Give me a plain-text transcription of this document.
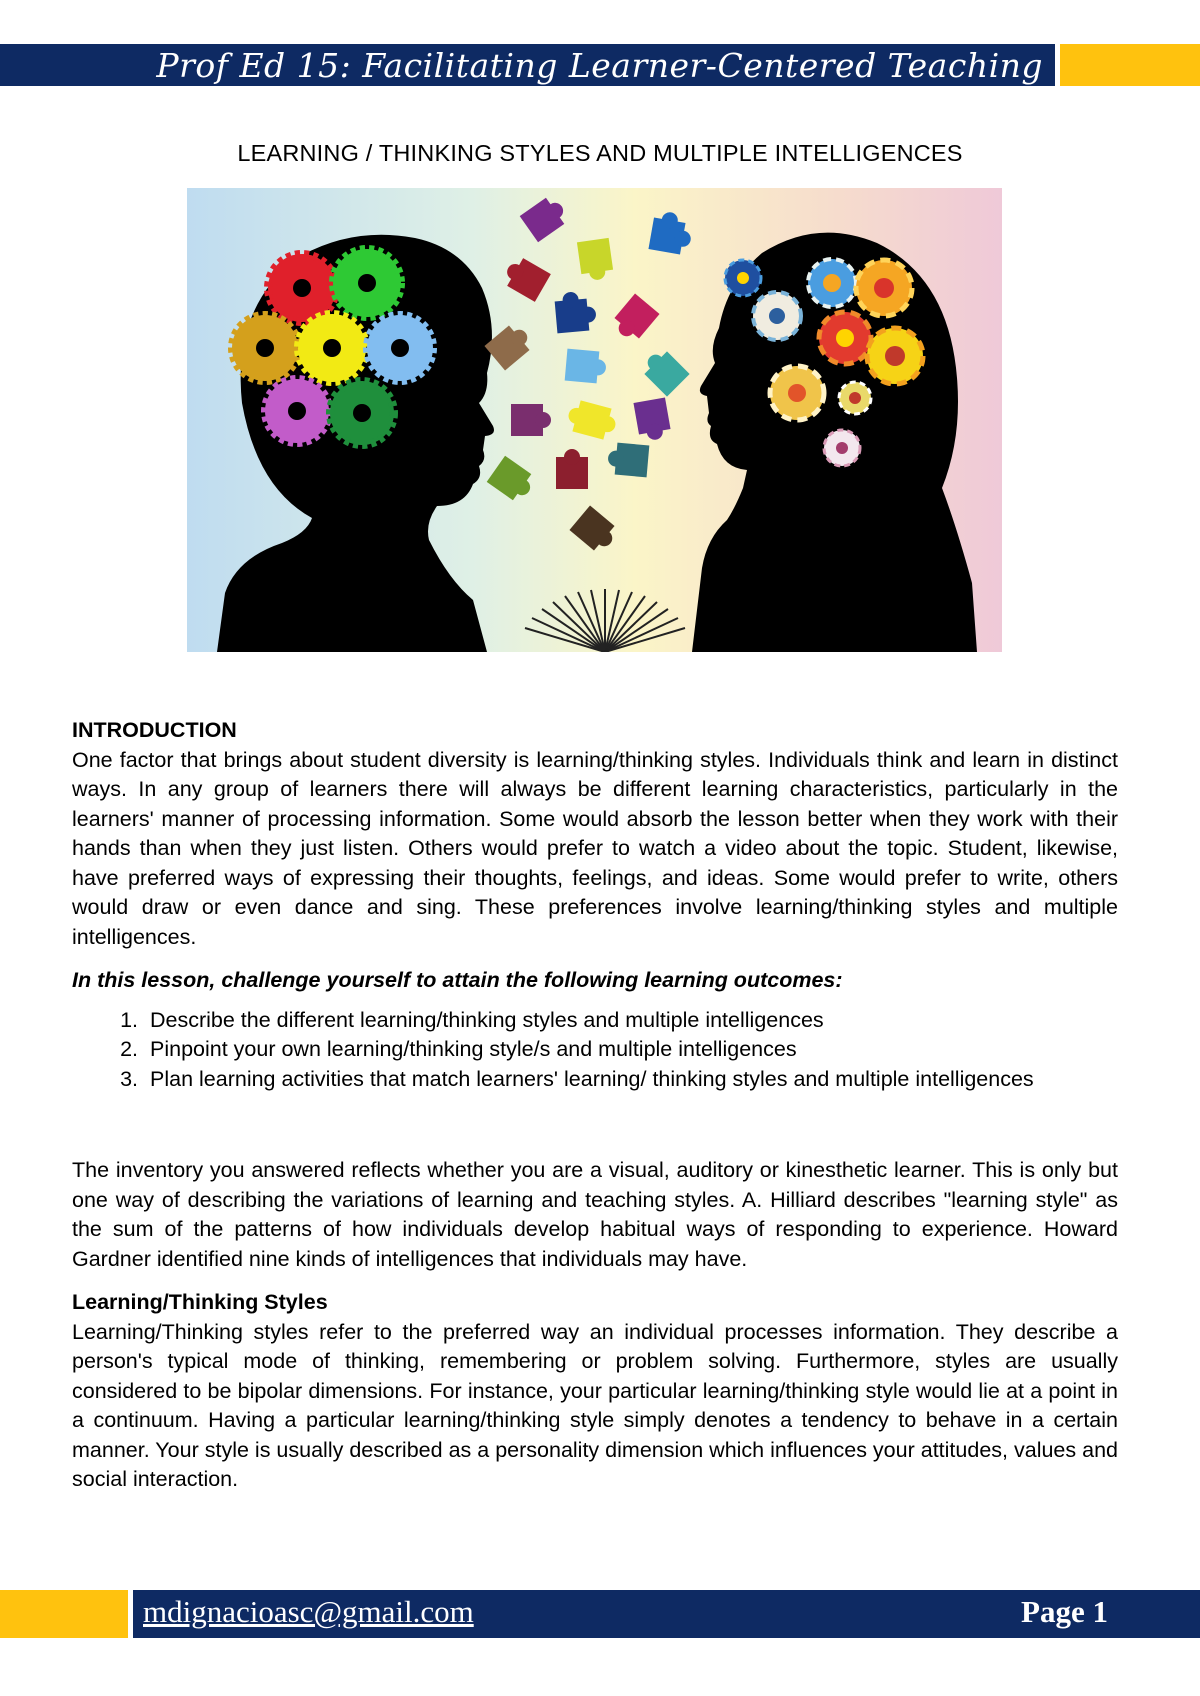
Prof Ed 15: Facilitating Learner-Centered Teaching
LEARNING / THINKING STYLES AND MULTIPLE INTELLIGENCES

INTRODUCTION

One factor that brings about student diversity is learning/thinking styles. Individuals think and learn in distinct ways. In any group of learners there will always be different learning characteristics, particularly in the learners' manner of processing information. Some would absorb the lesson better when they work with their hands than when they just listen. Others would prefer to watch a video about the topic. Student, likewise, have preferred ways of expressing their thoughts, feelings, and ideas. Some would prefer to write, others would draw or even dance and sing. These preferences involve learning/thinking styles and multiple intelligences.

In this lesson, challenge yourself to attain the following learning outcomes:

1. Describe the different learning/thinking styles and multiple intelligences
2. Pinpoint your own learning/thinking style/s and multiple intelligences
3. Plan learning activities that match learners' learning/ thinking styles and multiple intelligences

The inventory you answered reflects whether you are a visual, auditory or kinesthetic learner. This is only but one way of describing the variations of learning and teaching styles. A. Hilliard describes "learning style" as the sum of the patterns of how individuals develop habitual ways of responding to experience. Howard Gardner identified nine kinds of intelligences that individuals may have.

Learning/Thinking Styles

Learning/Thinking styles refer to the preferred way an individual processes information. They describe a person's typical mode of thinking, remembering or problem solving. Furthermore, styles are usually considered to be bipolar dimensions. For instance, your particular learning/thinking style would lie at a point in a continuum. Having a particular learning/thinking style simply denotes a tendency to behave in a certain manner. Your style is usually described as a personality dimension which influences your attitudes, values and social interaction.

mdignacioasc@gmail.com	Page 1
